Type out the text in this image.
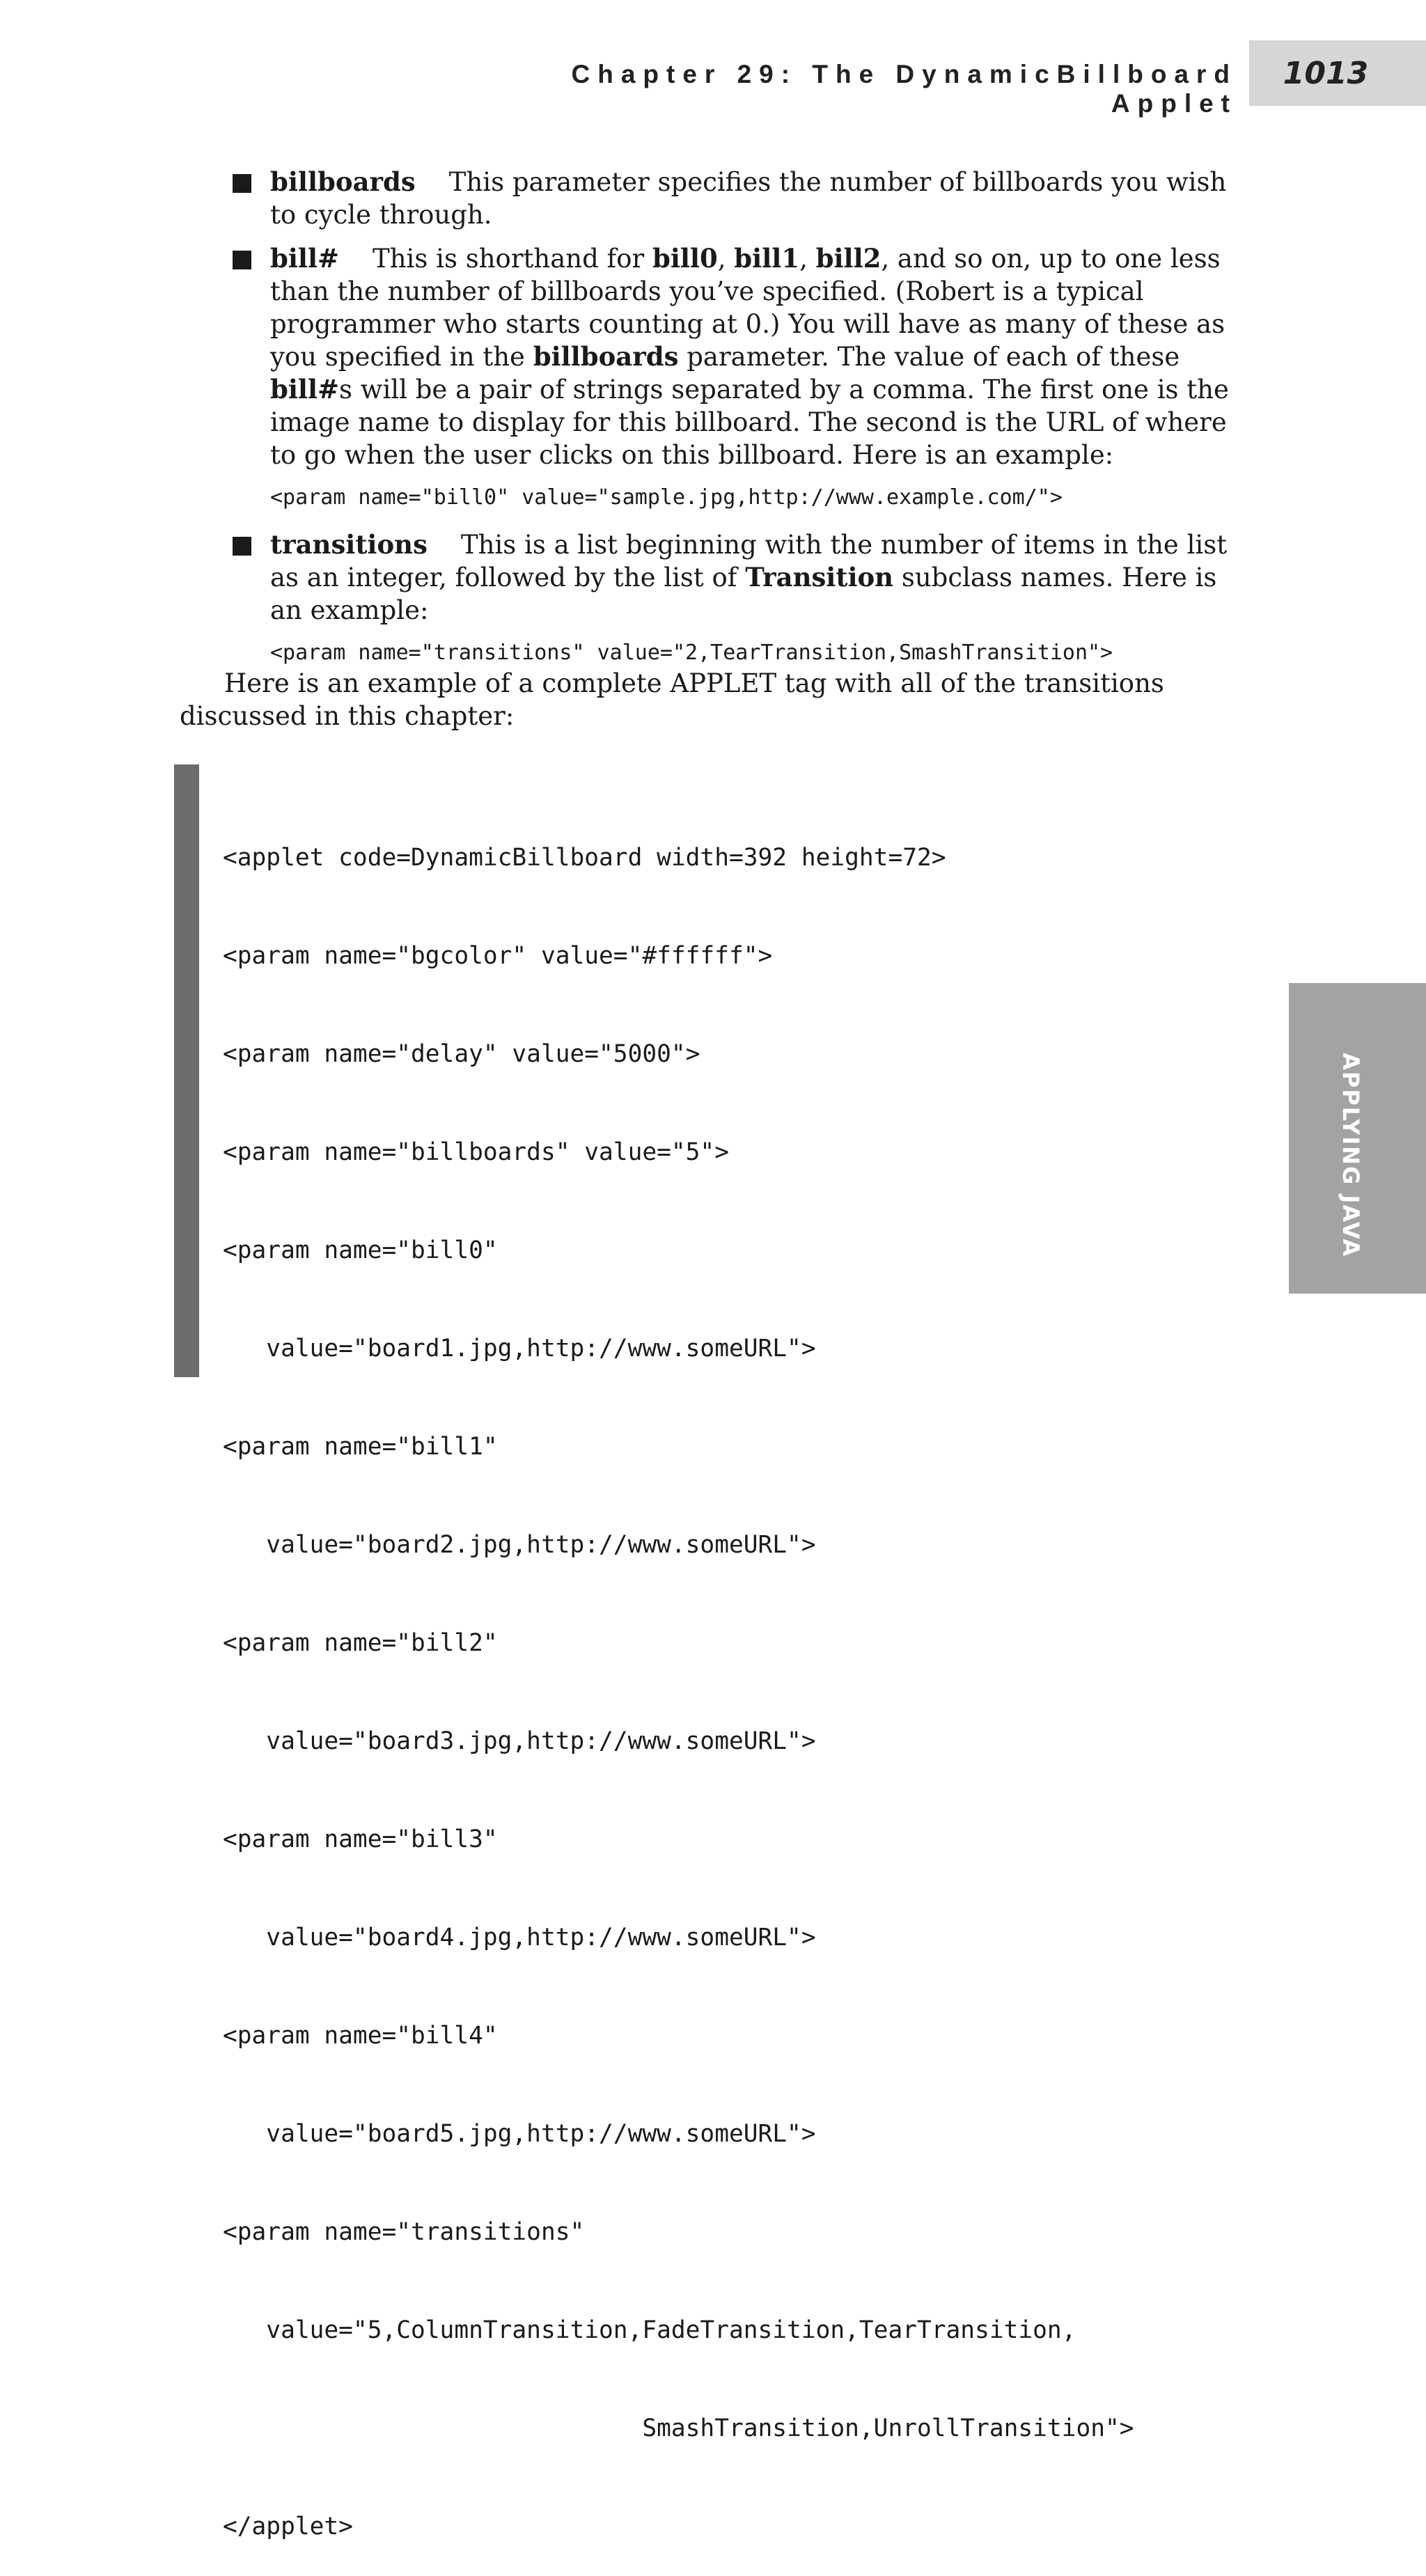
Chapter 29: The DynamicBillboard Applet
1013
billboards This parameter specifies the number of billboards you wish to cycle through.
bill# This is shorthand for bill0, bill1, bill2, and so on, up to one less than the number of billboards you’ve specified. (Robert is a typical programmer who starts counting at 0.) You will have as many of these as you specified in the billboards parameter. The value of each of these bill#s will be a pair of strings separated by a comma. The first one is the image name to display for this billboard. The second is the URL of where to go when the user clicks on this billboard. Here is an example:
<param name="bill0" value="sample.jpg,http://www.example.com/">
transitions This is a list beginning with the number of items in the list as an integer, followed by the list of Transition subclass names. Here is an example:
<param name="transitions" value="2,TearTransition,SmashTransition">
Here is an example of a complete APPLET tag with all of the transitions discussed in this chapter:

<applet code=DynamicBillboard width=392 height=72>

<param name="bgcolor" value="#ffffff">

<param name="delay" value="5000">

<param name="billboards" value="5">

<param name="bill0"

value="board1.jpg,http://www.someURL">

<param name="bill1"

value="board2.jpg,http://www.someURL">

<param name="bill2"

value="board3.jpg,http://www.someURL">

<param name="bill3"

value="board4.jpg,http://www.someURL">

<param name="bill4"

value="board5.jpg,http://www.someURL">

<param name="transitions"

value="5,ColumnTransition,FadeTransition,TearTransition,

SmashTransition,UnrollTransition">

</applet>

APPLYING JAVA
